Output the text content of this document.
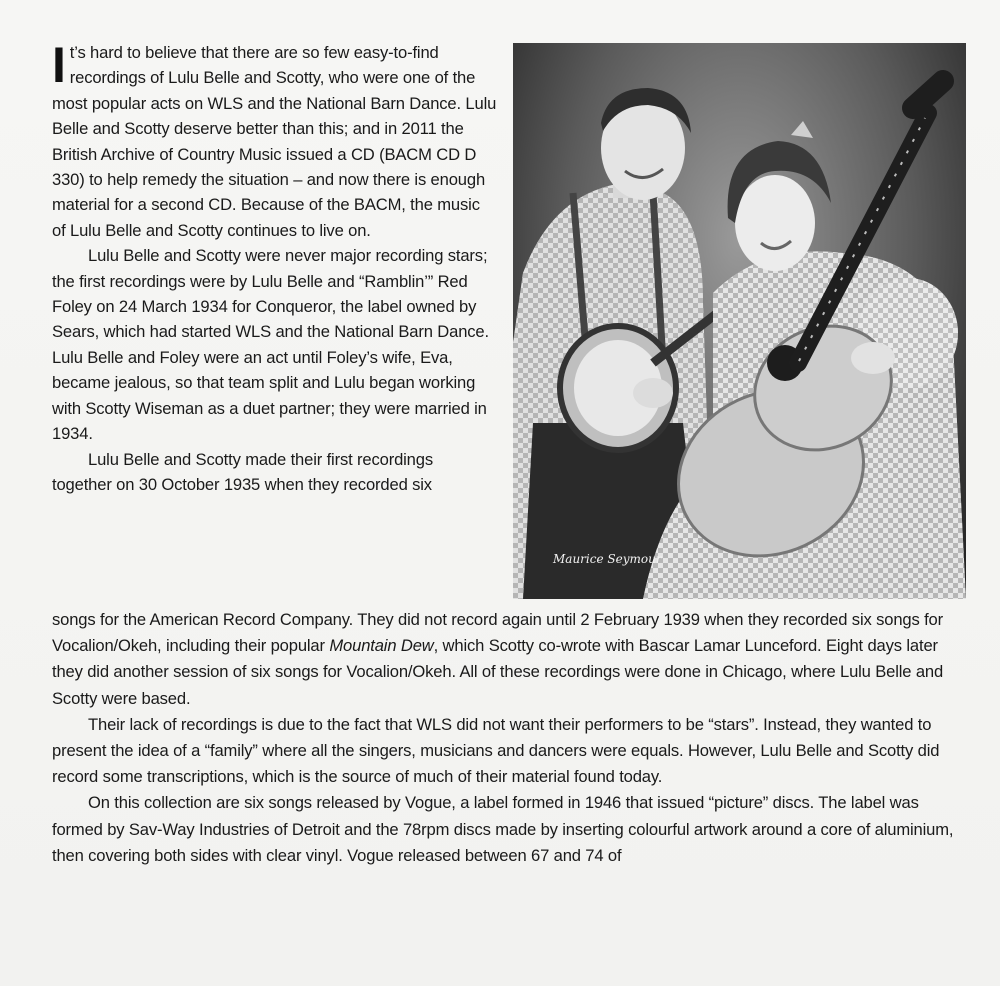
It’s hard to believe that there are so few easy-to-find recordings of Lulu Belle and Scotty, who were one of the most popular acts on WLS and the National Barn Dance. Lulu Belle and Scotty deserve better than this; and in 2011 the British Archive of Country Music issued a CD (BACM CD D 330) to help remedy the situation – and now there is enough material for a second CD. Because of the BACM, the music of Lulu Belle and Scotty continues to live on.

Lulu Belle and Scotty were never major recording stars; the first recordings were by Lulu Belle and “Ramblin’” Red Foley on 24 March 1934 for Conqueror, the label owned by Sears, which had started WLS and the National Barn Dance. Lulu Belle and Foley were an act until Foley’s wife, Eva, became jealous, so that team split and Lulu began working with Scotty Wiseman as a duet partner; they were married in 1934.

Lulu Belle and Scotty made their first recordings together on 30 October 1935 when they recorded six

Maurice Seymour

songs for the American Record Company. They did not record again until 2 February 1939 when they recorded six songs for Vocalion/Okeh, including their popular Mountain Dew, which Scotty co-wrote with Bascar Lamar Lunceford. Eight days later they did another session of six songs for Vocalion/Okeh. All of these recordings were done in Chicago, where Lulu Belle and Scotty were based.

Their lack of recordings is due to the fact that WLS did not want their performers to be “stars”. Instead, they wanted to present the idea of a “family” where all the singers, musicians and dancers were equals. However, Lulu Belle and Scotty did record some transcriptions, which is the source of much of their material found today.

On this collection are six songs released by Vogue, a label formed in 1946 that issued “picture” discs. The label was formed by Sav-Way Industries of Detroit and the 78rpm discs made by inserting colourful artwork around a core of aluminium, then covering both sides with clear vinyl. Vogue released between 67 and 74 of
